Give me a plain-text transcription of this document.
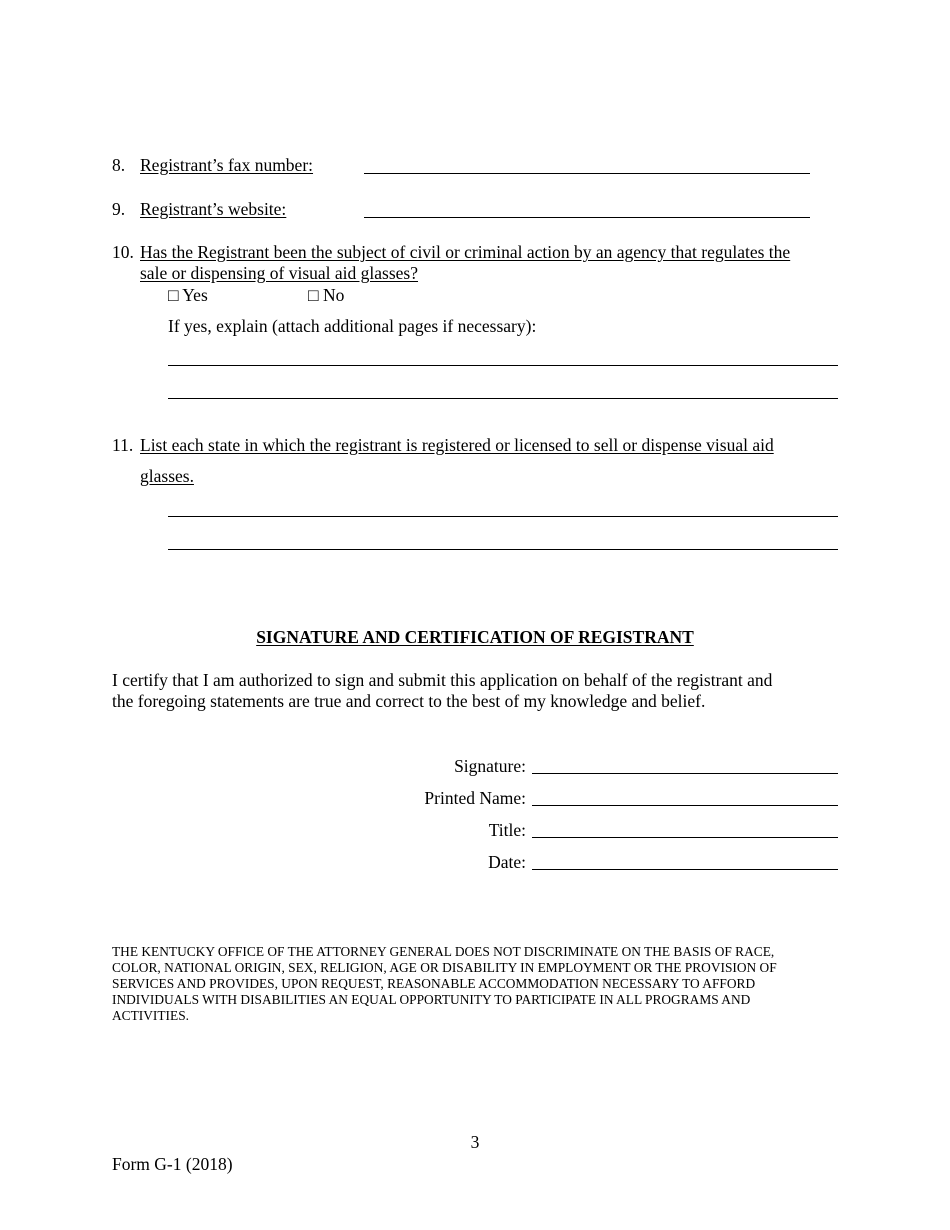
8. Registrant’s fax number:
9. Registrant’s website:
10. Has the Registrant been the subject of civil or criminal action by an agency that regulates the
sale or dispensing of visual aid glasses?
□ Yes	□ No
If yes, explain (attach additional pages if necessary):
11. List each state in which the registrant is registered or licensed to sell or dispense visual aid
glasses.
SIGNATURE AND CERTIFICATION OF REGISTRANT
I certify that I am authorized to sign and submit this application on behalf of the registrant and
the foregoing statements are true and correct to the best of my knowledge and belief.
Signature:
Printed Name:
Title:
Date:
THE KENTUCKY OFFICE OF THE ATTORNEY GENERAL DOES NOT DISCRIMINATE ON THE BASIS OF RACE, COLOR, NATIONAL ORIGIN, SEX, RELIGION, AGE OR DISABILITY IN EMPLOYMENT OR THE PROVISION OF SERVICES AND PROVIDES, UPON REQUEST, REASONABLE ACCOMMODATION NECESSARY TO AFFORD INDIVIDUALS WITH DISABILITIES AN EQUAL OPPORTUNITY TO PARTICIPATE IN ALL PROGRAMS AND ACTIVITIES.
3
Form G-1 (2018)
